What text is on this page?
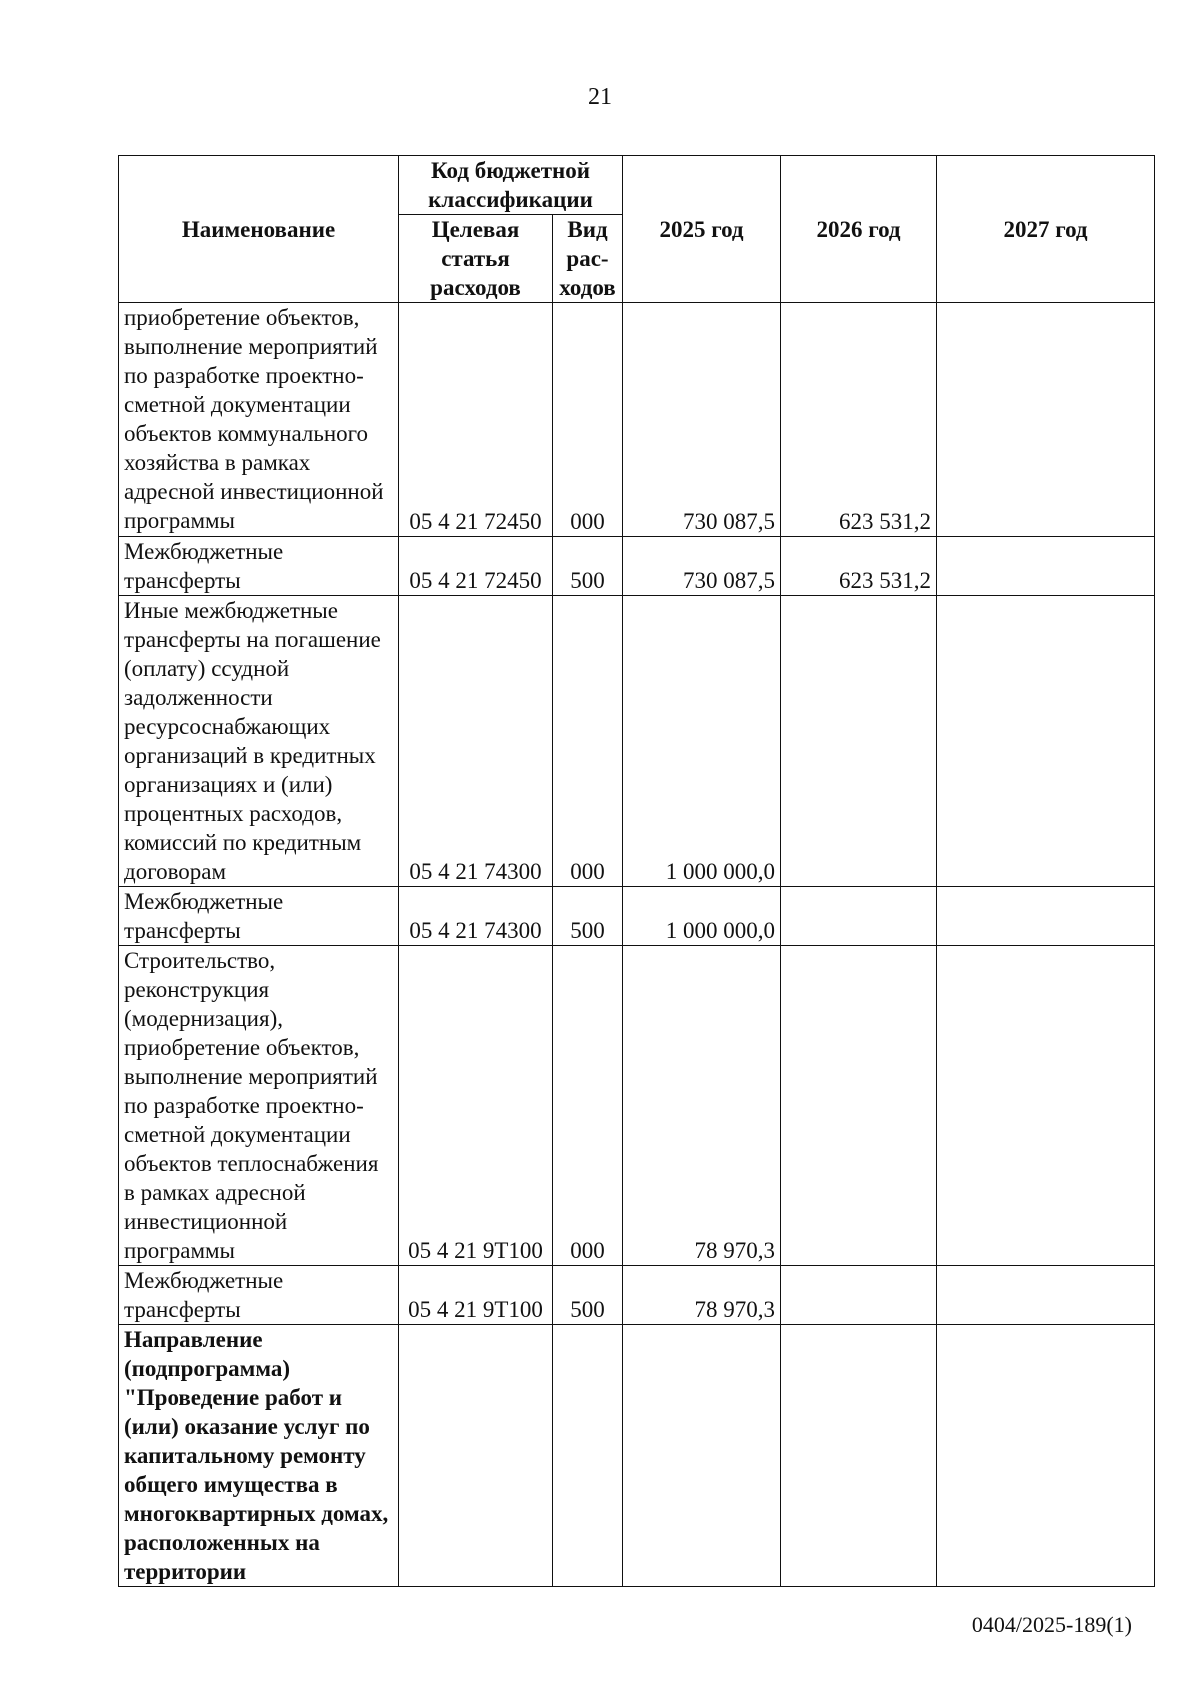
21
Наименование	Код бюджетной классификации		2025 год	2026 год	2027 год
	Целевая статья расходов	Вид рас-ходов			
приобретение объектов, выполнение мероприятий по разработке проектно-сметной документации объектов коммунального хозяйства в рамках адресной инвестиционной программы	05 4 21 72450	000	730 087,5	623 531,2	
Межбюджетные трансферты	05 4 21 72450	500	730 087,5	623 531,2	
Иные межбюджетные трансферты на погашение (оплату) ссудной задолженности ресурсоснабжающих организаций в кредитных организациях и (или) процентных расходов, комиссий по кредитным договорам	05 4 21 74300	000	1 000 000,0		
Межбюджетные трансферты	05 4 21 74300	500	1 000 000,0		
Строительство, реконструкция (модернизация), приобретение объектов, выполнение мероприятий по разработке проектно-сметной документации объектов теплоснабжения в рамках адресной инвестиционной программы	05 4 21 9Т100	000	78 970,3		
Межбюджетные трансферты	05 4 21 9Т100	500	78 970,3		
Направление (подпрограмма) "Проведение работ и (или) оказание услуг по капитальному ремонту общего имущества в многоквартирных домах, расположенных на территории					
0404/2025-189(1)
